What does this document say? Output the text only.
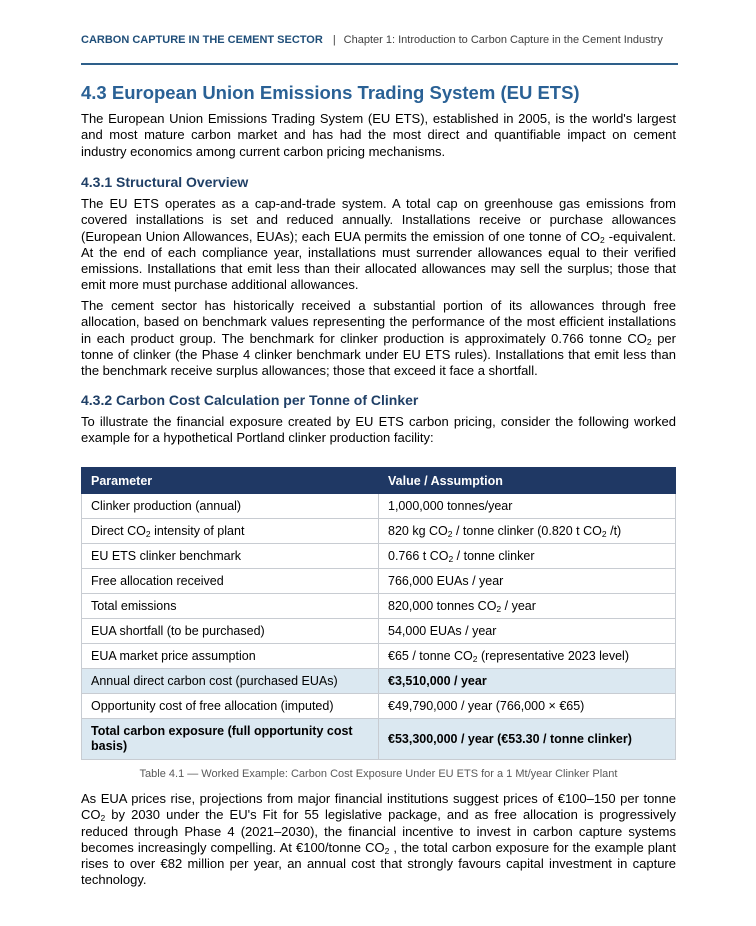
CARBON CAPTURE IN THE CEMENT SECTOR | Chapter 1: Introduction to Carbon Capture in the Cement Industry
4.3 European Union Emissions Trading System (EU ETS)

The European Union Emissions Trading System (EU ETS), established in 2005, is the world's largest and most mature carbon market and has had the most direct and quantifiable impact on cement industry economics among current carbon pricing mechanisms.

4.3.1 Structural Overview

The EU ETS operates as a cap-and-trade system. A total cap on greenhouse gas emissions from covered installations is set and reduced annually. Installations receive or purchase allowances (European Union Allowances, EUAs); each EUA permits the emission of one tonne of $CO_2$ -equivalent. At the end of each compliance year, installations must surrender allowances equal to their verified emissions. Installations that emit less than their allocated allowances may sell the surplus; those that emit more must purchase additional allowances.

The cement sector has historically received a substantial portion of its allowances through free allocation, based on benchmark values representing the performance of the most efficient installations in each product group. The benchmark for clinker production is approximately 0.766 tonne $CO_2$ per tonne of clinker (the Phase 4 clinker benchmark under EU ETS rules). Installations that emit less than the benchmark receive surplus allowances; those that exceed it face a shortfall.

4.3.2 Carbon Cost Calculation per Tonne of Clinker

To illustrate the financial exposure created by EU ETS carbon pricing, consider the following worked example for a hypothetical Portland clinker production facility:

Parameter	Value / Assumption
Clinker production (annual)	1,000,000 tonnes/year
Direct $CO_2$ intensity of plant	820 kg $CO_2$ / tonne clinker (0.820 t $CO_2$ /t)
EU ETS clinker benchmark	0.766 t $CO_2$ / tonne clinker
Free allocation received	766,000 EUAs / year
Total emissions	820,000 tonnes $CO_2$ / year
EUA shortfall (to be purchased)	54,000 EUAs / year
EUA market price assumption	€65 / tonne $CO_2$ (representative 2023 level)
Annual direct carbon cost (purchased EUAs)	€3,510,000 / year
Opportunity cost of free allocation (imputed)	€49,790,000 / year (766,000 × €65)
Total carbon exposure (full opportunity cost basis)	€53,300,000 / year (€53.30 / tonne clinker)

Table 4.1 — Worked Example: Carbon Cost Exposure Under EU ETS for a 1 Mt/year Clinker Plant

As EUA prices rise, projections from major financial institutions suggest prices of €100–150 per tonne $CO_2$ by 2030 under the EU's Fit for 55 legislative package, and as free allocation is progressively reduced through Phase 4 (2021–2030), the financial incentive to invest in carbon capture systems becomes increasingly compelling. At €100/tonne $CO_2$ , the total carbon exposure for the example plant rises to over €82 million per year, an annual cost that strongly favours capital investment in capture technology.
